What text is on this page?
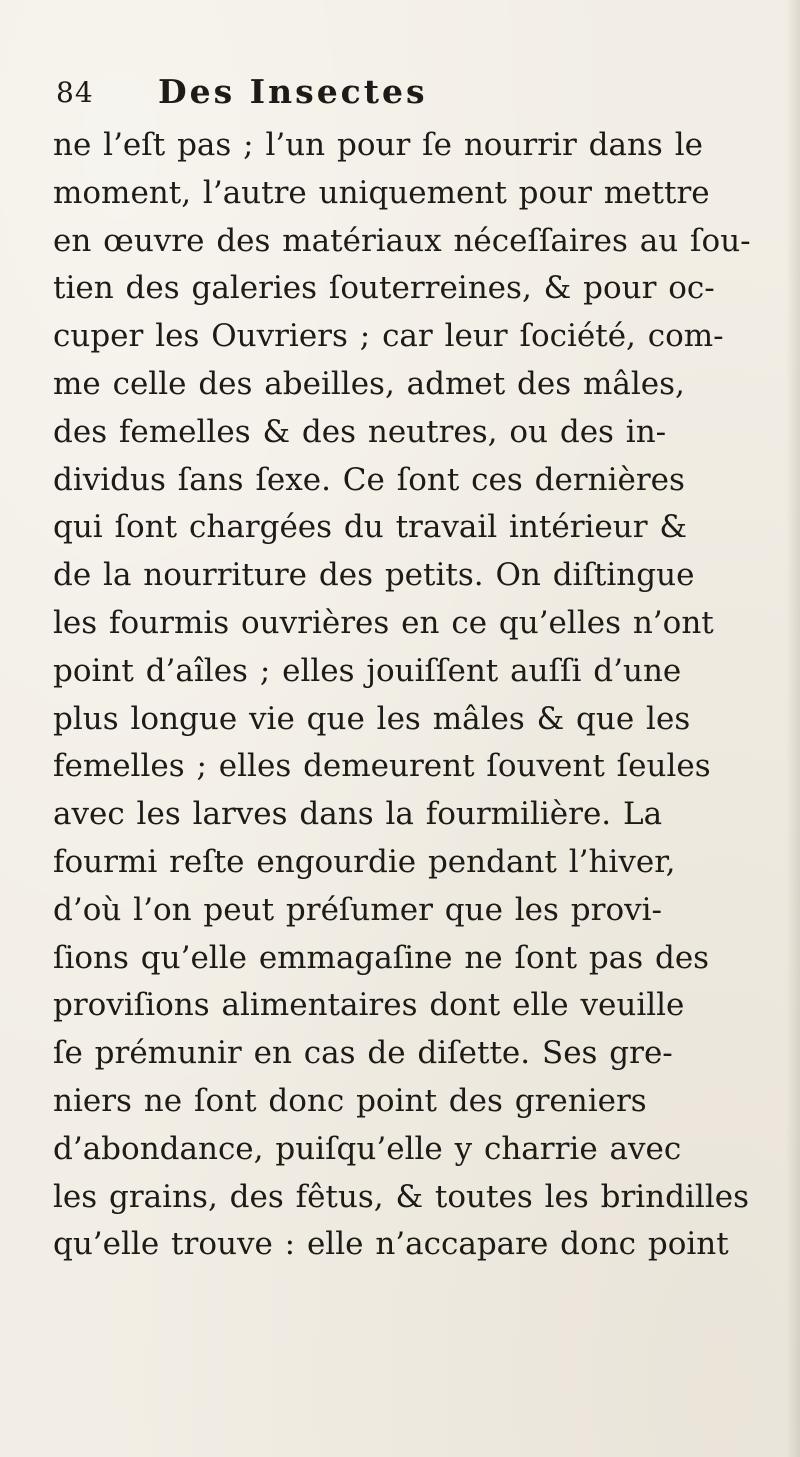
84 Des Insectes
ne l’eſt pas ; l’un pour ſe nourrir dans le
moment, l’autre uniquement pour mettre
en œuvre des matériaux néceſſaires au ſou-
tien des galeries ſouterreines, & pour oc-
cuper les Ouvriers ; car leur ſociété, com-
me celle des abeilles, admet des mâles,
des femelles & des neutres, ou des in-
dividus ſans ſexe. Ce ſont ces dernières
qui ſont chargées du travail intérieur &
de la nourriture des petits. On diſtingue
les fourmis ouvrières en ce qu’elles n’ont
point d’aîles ; elles jouiſſent auſſi d’une
plus longue vie que les mâles & que les
femelles ; elles demeurent ſouvent ſeules
avec les larves dans la fourmilière. La
fourmi reſte engourdie pendant l’hiver,
d’où l’on peut préſumer que les provi-
ſions qu’elle emmagaſine ne ſont pas des
proviſions alimentaires dont elle veuille
ſe prémunir en cas de diſette. Ses gre-
niers ne ſont donc point des greniers
d’abondance, puiſqu’elle y charrie avec
les grains, des fêtus, & toutes les brindilles
qu’elle trouve : elle n’accapare donc point
